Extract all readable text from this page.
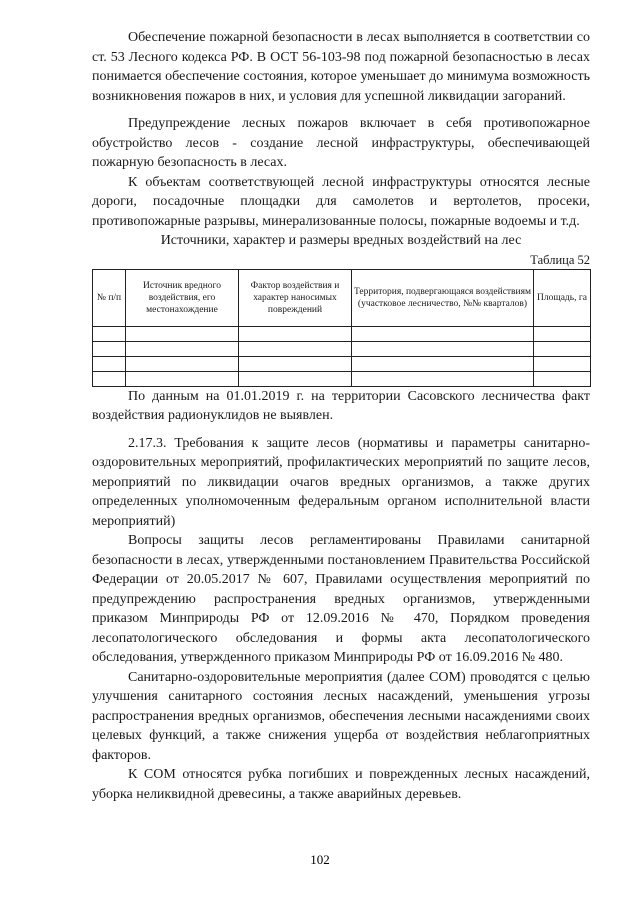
Обеспечение пожарной безопасности в лесах выполняется в соответствии со ст. 53 Лесного кодекса РФ. В ОСТ 56-103-98 под пожарной безопасностью в лесах понимается обеспечение состояния, которое уменьшает до минимума возможность возникновения пожаров в них, и условия для успешной ликвидации загораний.

Предупреждение лесных пожаров включает в себя противопожарное обустройство лесов - создание лесной инфраструктуры, обеспечивающей пожарную безопасность в лесах.

К объектам соответствующей лесной инфраструктуры относятся лесные дороги, посадочные площадки для самолетов и вертолетов, просеки, противопожарные разрывы, минерализованные полосы, пожарные водоемы и т.д.

Источники, характер и размеры вредных воздействий на лес

Таблица 52
№ п/п	Источник вредного воздействия, его местонахождение	Фактор воздействия и характер наносимых повреждений	Территория, подвергающаяся воздействиям (участковое лесничество, №№ кварталов)	Площадь, га

По данным на 01.01.2019 г. на территории Сасовского лесничества факт воздействия радионуклидов не выявлен.

2.17.3. Требования к защите лесов (нормативы и параметры санитарно-оздоровительных мероприятий, профилактических мероприятий по защите лесов, мероприятий по ликвидации очагов вредных организмов, а также других определенных уполномоченным федеральным органом исполнительной власти мероприятий)

Вопросы защиты лесов регламентированы Правилами санитарной безопасности в лесах, утвержденными постановлением Правительства Российской Федерации от 20.05.2017 № 607, Правилами осуществления мероприятий по предупреждению распространения вредных организмов, утвержденными приказом Минприроды РФ от 12.09.2016 № 470, Порядком проведения лесопатологического обследования и формы акта лесопатологического обследования, утвержденного приказом Минприроды РФ от 16.09.2016 № 480.

Санитарно-оздоровительные мероприятия (далее СОМ) проводятся с целью улучшения санитарного состояния лесных насаждений, уменьшения угрозы распространения вредных организмов, обеспечения лесными насаждениями своих целевых функций, а также снижения ущерба от воздействия неблагоприятных факторов.

К СОМ относятся рубка погибших и поврежденных лесных насаждений, уборка неликвидной древесины, а также аварийных деревьев.

102
